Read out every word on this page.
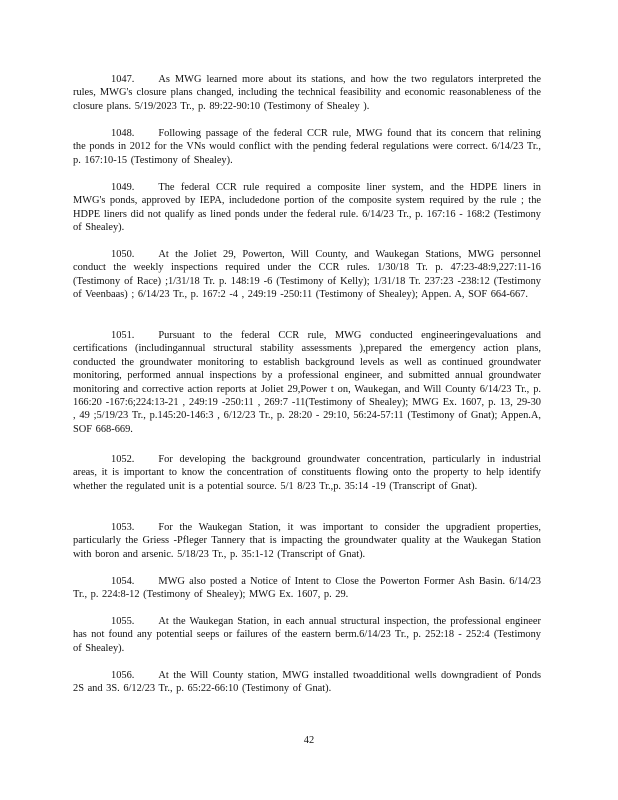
1047. As MWG learned more about its stations, and how the two regulators interpreted the rules, MWG's closure plans changed, including the technical feasibility and economic reasonableness of the closure plans. 5/19/2023 Tr., p. 89:22-90:10 (Testimony of Shealey ).

1048. Following passage of the federal CCR rule, MWG found that its concern that relining the ponds in 2012 for the VNs would conflict with the pending federal regulations were correct. 6/14/23 Tr., p. 167:10-15 (Testimony of Shealey).

1049. The federal CCR rule required a composite liner system, and the HDPE liners in MWG's ponds, approved by IEPA, includedone portion of the composite system required by the rule ; the HDPE liners did not qualify as lined ponds under the federal rule. 6/14/23 Tr., p. 167:16 - 168:2 (Testimony of Shealey).

1050. At the Joliet 29, Powerton, Will County, and Waukegan Stations, MWG personnel conduct the weekly inspections required under the CCR rules. 1/30/18 Tr. p. 47:23-48:9,227:11-16 (Testimony of Race) ;1/31/18 Tr. p. 148:19 -6 (Testimony of Kelly); 1/31/18 Tr. 237:23 -238:12 (Testimony of Veenbaas) ; 6/14/23 Tr., p. 167:2 -4 , 249:19 -250:11 (Testimony of Shealey); Appen. A, SOF 664-667.

1051. Pursuant to the federal CCR rule, MWG conducted engineeringevaluations and certifications (includingannual structural stability assessments ),prepared the emergency action plans, conducted the groundwater monitoring to establish background levels as well as continued groundwater monitoring, performed annual inspections by a professional engineer, and submitted annual groundwater monitoring and corrective action reports at Joliet 29,Power t on, Waukegan, and Will County 6/14/23 Tr., p. 166:20 -167:6;224:13-21 , 249:19 -250:11 , 269:7 -11(Testimony of Shealey); MWG Ex. 1607, p. 13, 29-30 , 49 ;5/19/23 Tr., p.145:20-146:3 , 6/12/23 Tr., p. 28:20 - 29:10, 56:24-57:11 (Testimony of Gnat); Appen.A, SOF 668-669.

1052. For developing the background groundwater concentration, particularly in industrial areas, it is important to know the concentration of constituents flowing onto the property to help identify whether the regulated unit is a potential source. 5/1 8/23 Tr.,p. 35:14 -19 (Transcript of Gnat).

1053. For the Waukegan Station, it was important to consider the upgradient properties, particularly the Griess -Pfleger Tannery that is impacting the groundwater quality at the Waukegan Station with boron and arsenic. 5/18/23 Tr., p. 35:1-12 (Transcript of Gnat).

1054. MWG also posted a Notice of Intent to Close the Powerton Former Ash Basin. 6/14/23 Tr., p. 224:8-12 (Testimony of Shealey); MWG Ex. 1607, p. 29.

1055. At the Waukegan Station, in each annual structural inspection, the professional engineer has not found any potential seeps or failures of the eastern berm.6/14/23 Tr., p. 252:18 - 252:4 (Testimony of Shealey).

1056. At the Will County station, MWG installed twoadditional wells downgradient of Ponds 2S and 3S. 6/12/23 Tr., p. 65:22-66:10 (Testimony of Gnat).

42
